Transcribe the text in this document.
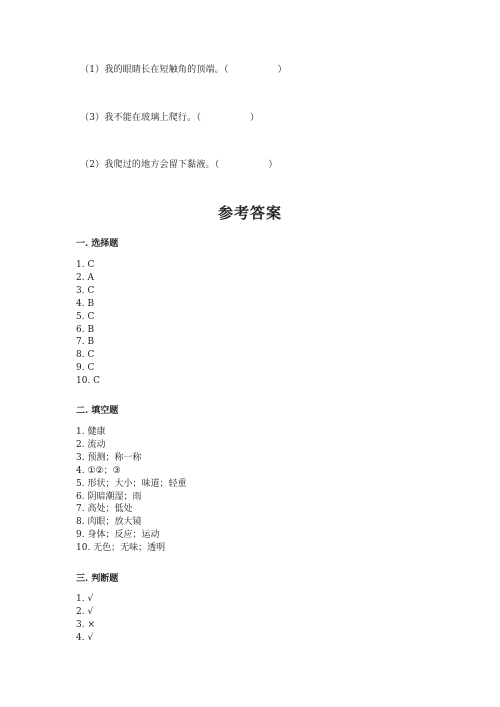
（1）我的眼睛长在短触角的顶端。（                ）
（3）我不能在玻璃上爬行。（                ）
（2）我爬过的地方会留下黏液。（                ）
参考答案
一. 选择题
1. C
2. A
3. C
4. B
5. C
6. B
7. B
8. C
9. C
10. C
二. 填空题
1. 健康
2. 流动
3. 预测；称一称
4. ①②；③
5. 形状；大小；味道；轻重
6. 阴暗潮湿；雨
7. 高处；低处
8. 肉眼；放大镜
9. 身体；反应；运动
10. 无色；无味；透明
三. 判断题
1. √
2. √
3. ×
4. √
